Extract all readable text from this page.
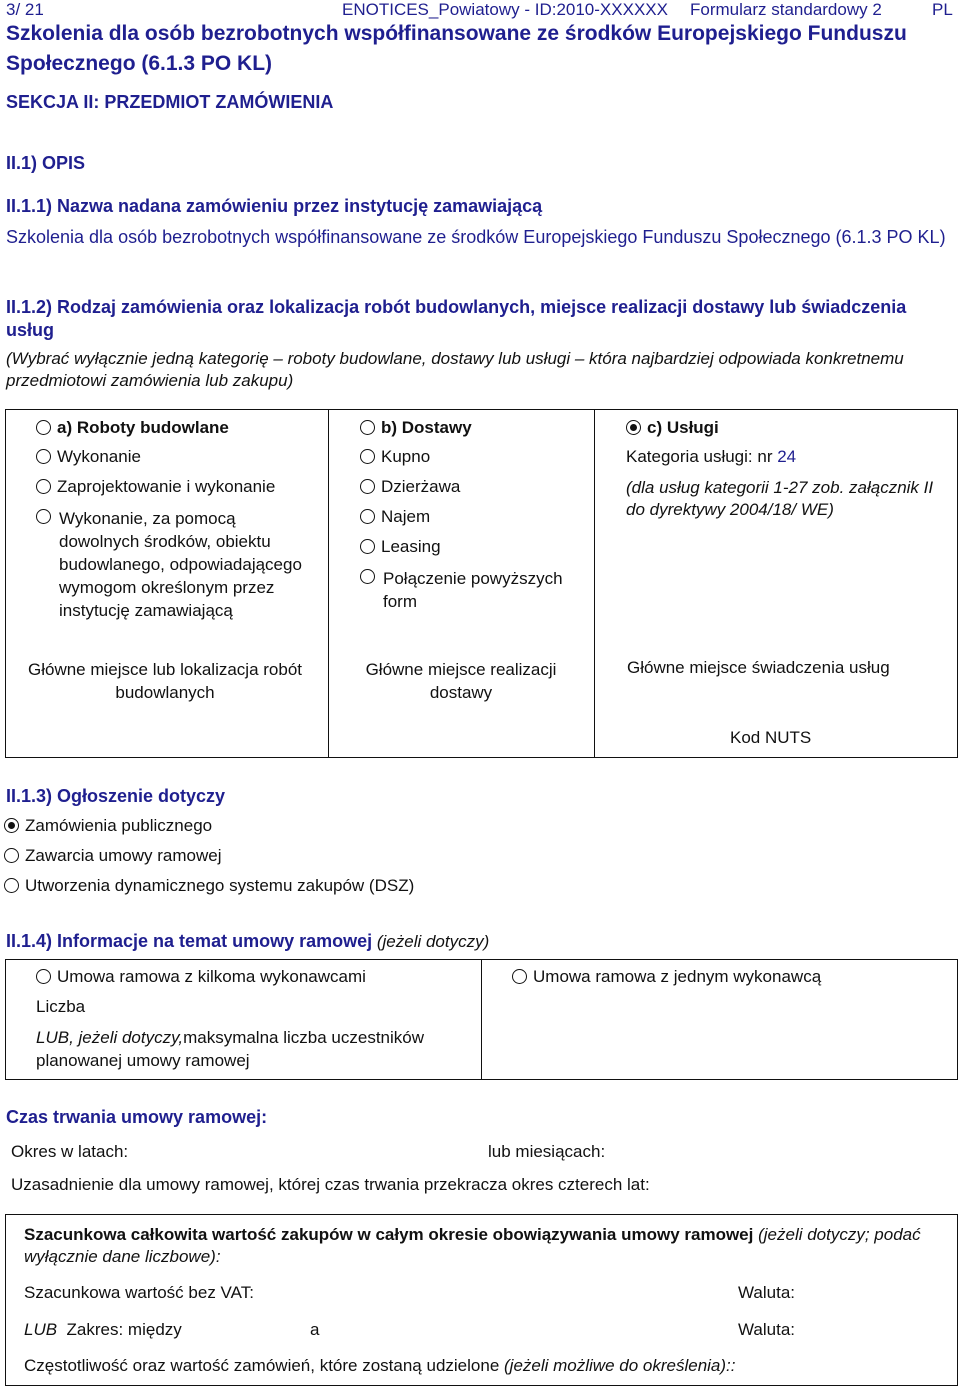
3/ 21	ENOTICES_Powiatowy - ID:2010-XXXXXX Formularz standardowy 2	PL
Szkolenia dla osób bezrobotnych współfinansowane ze środków Europejskiego Funduszu Społecznego (6.1.3 PO KL)
SEKCJA II: PRZEDMIOT ZAMÓWIENIA
II.1) OPIS
II.1.1) Nazwa nadana zamówieniu przez instytucję zamawiającą
Szkolenia dla osób bezrobotnych współfinansowane ze środków Europejskiego Funduszu Społecznego (6.1.3 PO KL)
II.1.2) Rodzaj zamówienia oraz lokalizacja robót budowlanych, miejsce realizacji dostawy lub świadczenia usług
(Wybrać wyłącznie jedną kategorię – roboty budowlane, dostawy lub usługi – która najbardziej odpowiada konkretnemu przedmiotowi zamówienia lub zakupu)
a) Roboty budowlane
Wykonanie
Zaprojektowanie i wykonanie
Wykonanie, za pomocą dowolnych środków, obiektu budowlanego, odpowiadającego wymogom określonym przez instytucję zamawiającą
Główne miejsce lub lokalizacja robót budowlanych
b) Dostawy
Kupno
Dzierżawa
Najem
Leasing
Połączenie powyższych form
Główne miejsce realizacji dostawy
c) Usługi
Kategoria usługi: nr 24
(dla usług kategorii 1-27 zob. załącznik II do dyrektywy 2004/18/ WE)
Główne miejsce świadczenia usług
Kod NUTS
II.1.3) Ogłoszenie dotyczy
Zamówienia publicznego
Zawarcia umowy ramowej
Utworzenia dynamicznego systemu zakupów (DSZ)
II.1.4) Informacje na temat umowy ramowej (jeżeli dotyczy)
Umowa ramowa z kilkoma wykonawcami
Liczba
LUB, jeżeli dotyczy,maksymalna liczba uczestników planowanej umowy ramowej
Umowa ramowa z jednym wykonawcą
Czas trwania umowy ramowej:
Okres w latach:	lub miesiącach:
Uzasadnienie dla umowy ramowej, której czas trwania przekracza okres czterech lat:
Szacunkowa całkowita wartość zakupów w całym okresie obowiązywania umowy ramowej (jeżeli dotyczy; podać wyłącznie dane liczbowe):
Szacunkowa wartość bez VAT:	Waluta:
LUB Zakres: między	a	Waluta:
Częstotliwość oraz wartość zamówień, które zostaną udzielone (jeżeli możliwe do określenia)::
